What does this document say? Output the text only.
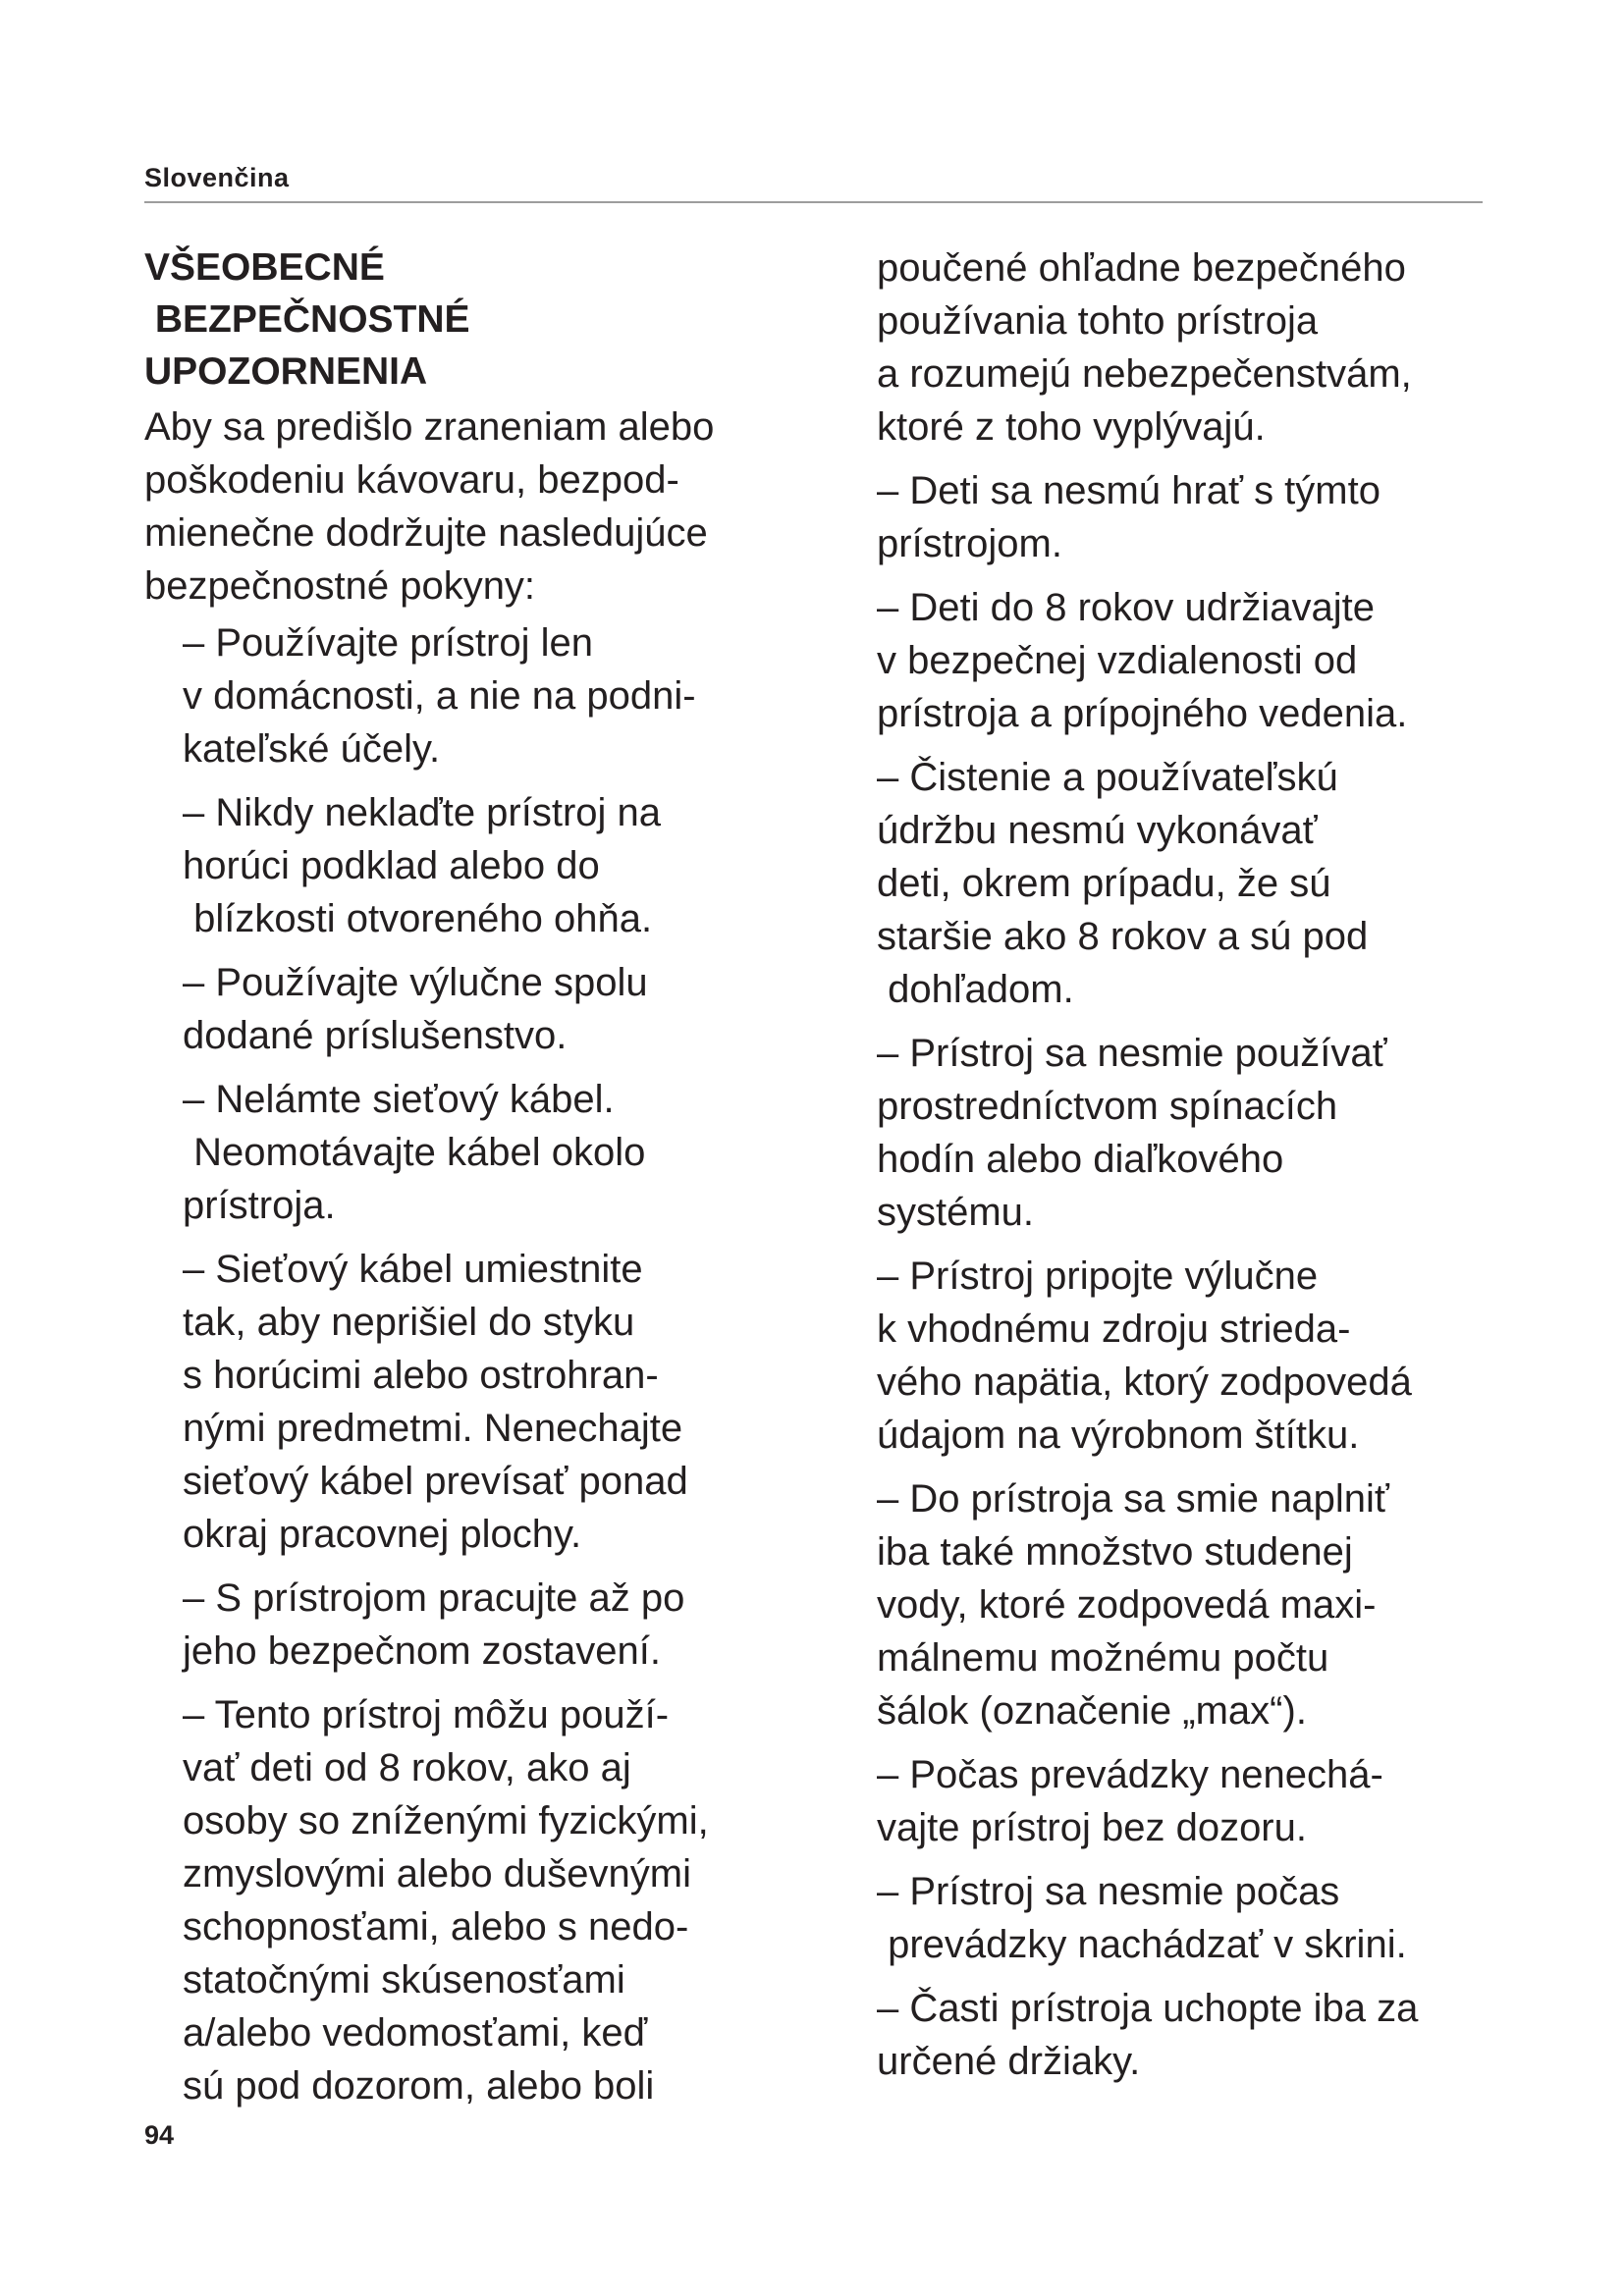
Slovenčina
VŠEOBECNÉ
BEZPEČNOSTNÉ
UPOZORNENIA
Aby sa predišlo zraneniam alebo
poškodeniu kávovaru, bezpod-
mienečne dodržujte nasledujúce
bezpečnostné pokyny:
– Používajte prístroj len
v domácnosti, a nie na podni-
kateľské účely.
– Nikdy neklaďte prístroj na
horúci podklad alebo do
blízkosti otvoreného ohňa.
– Používajte výlučne spolu
dodané príslušenstvo.
– Nelámte sieťový kábel.
Neomotávajte kábel okolo
prístroja.
– Sieťový kábel umiestnite
tak, aby neprišiel do styku
s horúcimi alebo ostrohran-
nými predmetmi. Nenechajte
sieťový kábel prevísať ponad
okraj pracovnej plochy.
– S prístrojom pracujte až po
jeho bezpečnom zostavení.
– Tento prístroj môžu použí-
vať deti od 8 rokov, ako aj
osoby so zníženými fyzickými,
zmyslovými alebo duševnými
schopnosťami, alebo s nedo-
statočnými skúsenosťami
a/alebo vedomosťami, keď
sú pod dozorom, alebo boli
poučené ohľadne bezpečného
používania tohto prístroja
a rozumejú nebezpečenstvám,
ktoré z toho vyplývajú.
– Deti sa nesmú hrať s týmto
prístrojom.
– Deti do 8 rokov udržiavajte
v bezpečnej vzdialenosti od
prístroja a prípojného vedenia.
– Čistenie a používateľskú
údržbu nesmú vykonávať
deti, okrem prípadu, že sú
staršie ako 8 rokov a sú pod
dohľadom.
– Prístroj sa nesmie používať
prostredníctvom spínacích
hodín alebo diaľkového
systému.
– Prístroj pripojte výlučne
k vhodnému zdroju strieda-
vého napätia, ktorý zodpovedá
údajom na výrobnom štítku.
– Do prístroja sa smie naplniť
iba také množstvo studenej
vody, ktoré zodpovedá maxi-
málnemu možnému počtu
šálok (označenie „max“).
– Počas prevádzky nenechá-
vajte prístroj bez dozoru.
– Prístroj sa nesmie počas
prevádzky nachádzať v skrini.
– Časti prístroja uchopte iba za
určené držiaky.
94
